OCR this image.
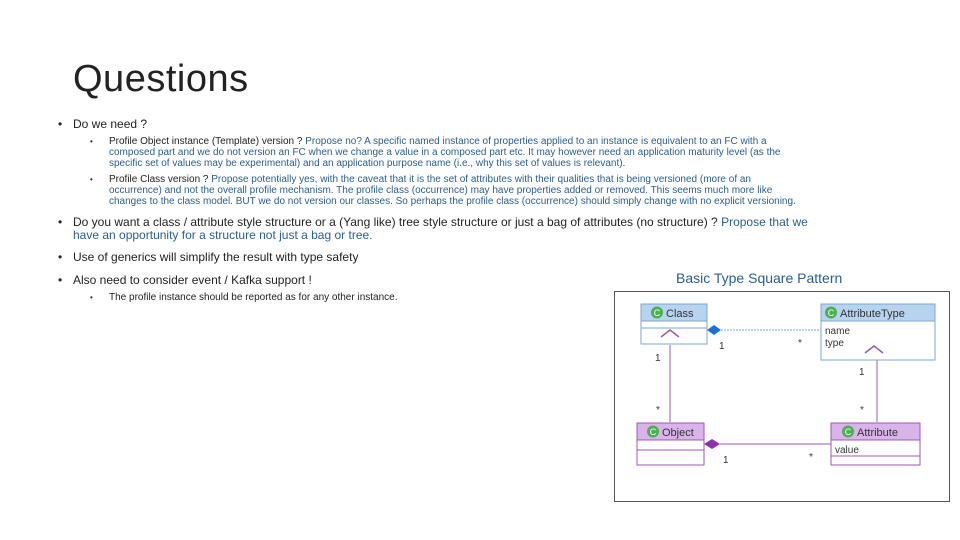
Questions
• Do we need ?
• Profile Object instance (Template) version ? Propose no? A specific named instance of properties applied to an instance is equivalent to an FC with a
composed part and we do not version an FC when we change a value in a composed part etc. It may however need an application maturity level (as the
specific set of values may be experimental) and an application purpose name (i.e., why this set of values is relevant).
• Profile Class version ? Propose potentially yes, with the caveat that it is the set of attributes with their qualities that is being versioned (more of an
occurrence) and not the overall profile mechanism. The profile class (occurrence) may have properties added or removed. This seems much more like
changes to the class model. BUT we do not version our classes. So perhaps the profile class (occurrence) should simply change with no explicit versioning.
• Do you want a class / attribute style structure or a (Yang like) tree style structure or just a bag of attributes (no structure) ? Propose that we
have an opportunity for a structure not just a bag or tree.
• Use of generics will simplify the result with type safety
• Also need to consider event / Kafka support !
• The profile instance should be reported as for any other instance.
Basic Type Square Pattern
C Class	C AttributeType
name
type
C Object	C Attribute
value
1	*
1
*
1
*
1	*
